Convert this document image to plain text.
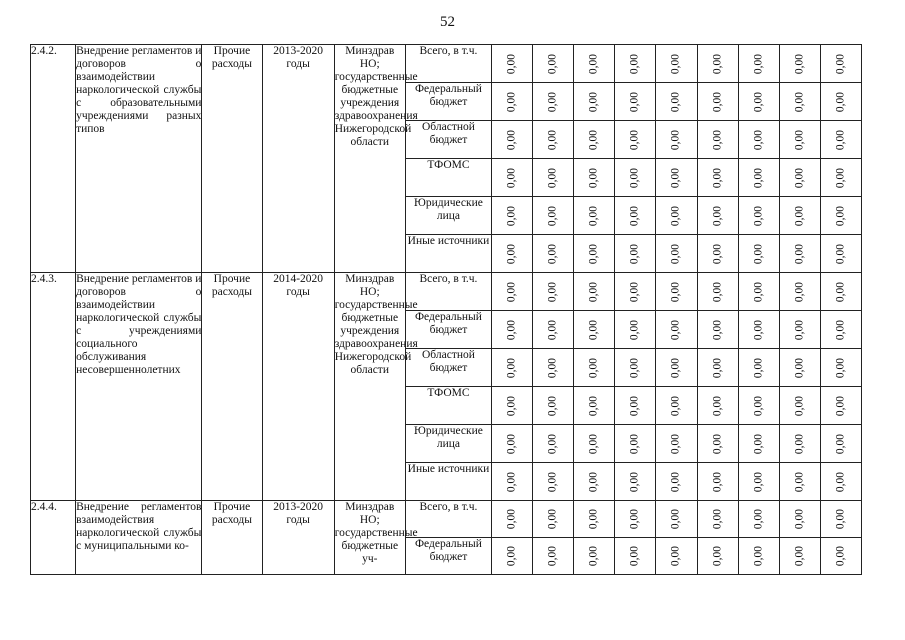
52
2.4.2.	Внедрение регламентов и договоров о взаимодействии наркологической службы с образовательными учреждениями разных типов	Прочие расходы	2013-2020 годы	Минздрав НО; государственные бюджетные учреждения здравоохранения Нижегородской области	Всего, в т.ч.	0,00	0,00	0,00	0,00	0,00	0,00	0,00	0,00	0,00

					Федеральный бюджет	0,00	0,00	0,00	0,00	0,00	0,00	0,00	0,00	0,00

					Областной бюджет	0,00	0,00	0,00	0,00	0,00	0,00	0,00	0,00	0,00

					ТФОМС	0,00	0,00	0,00	0,00	0,00	0,00	0,00	0,00	0,00

					Юридические лица	0,00	0,00	0,00	0,00	0,00	0,00	0,00	0,00	0,00

					Иные источники	0,00	0,00	0,00	0,00	0,00	0,00	0,00	0,00	0,00

2.4.3.	Внедрение регламентов и договоров о взаимодействии наркологической службы с учреждениями социального обслуживания несовершеннолетних	Прочие расходы	2014-2020 годы	Минздрав НО; государственные бюджетные учреждения здравоохранения Нижегородской области	Всего, в т.ч.	0,00	0,00	0,00	0,00	0,00	0,00	0,00	0,00	0,00

					Федеральный бюджет	0,00	0,00	0,00	0,00	0,00	0,00	0,00	0,00	0,00

					Областной бюджет	0,00	0,00	0,00	0,00	0,00	0,00	0,00	0,00	0,00

					ТФОМС	0,00	0,00	0,00	0,00	0,00	0,00	0,00	0,00	0,00

					Юридические лица	0,00	0,00	0,00	0,00	0,00	0,00	0,00	0,00	0,00

					Иные источники	0,00	0,00	0,00	0,00	0,00	0,00	0,00	0,00	0,00

2.4.4.	Внедрение регламентов взаимодействия наркологической службы с муниципальными ко-	Прочие расходы	2013-2020 годы	Минздрав НО; государственные бюджетные уч-	Всего, в т.ч.	0,00	0,00	0,00	0,00	0,00	0,00	0,00	0,00	0,00

					Федеральный бюджет	0,00	0,00	0,00	0,00	0,00	0,00	0,00	0,00	0,00
